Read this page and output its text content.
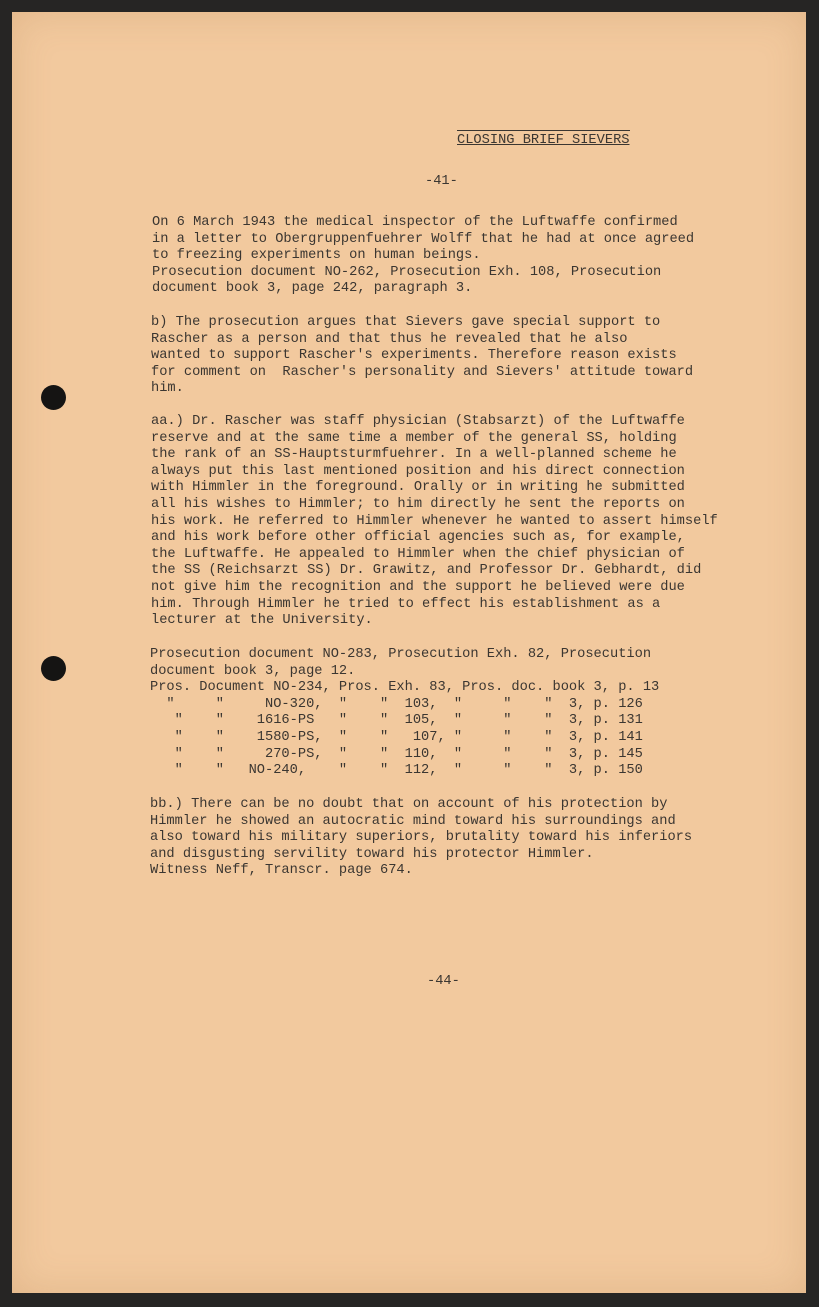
CLOSING BRIEF SIEVERS
-41-
On 6 March 1943 the medical inspector of the Luftwaffe confirmed
in a letter to Obergruppenfuehrer Wolff that he had at once agreed
to freezing experiments on human beings.
Prosecution document NO-262, Prosecution Exh. 108, Prosecution
document book 3, page 242, paragraph 3.
b) The prosecution argues that Sievers gave special support to
Rascher as a person and that thus he revealed that he also
wanted to support Rascher's experiments. Therefore reason exists
for comment on  Rascher's personality and Sievers' attitude toward
him.
aa.) Dr. Rascher was staff physician (Stabsarzt) of the Luftwaffe
reserve and at the same time a member of the general SS, holding
the rank of an SS-Hauptsturmfuehrer. In a well-planned scheme he
always put this last mentioned position and his direct connection
with Himmler in the foreground. Orally or in writing he submitted
all his wishes to Himmler; to him directly he sent the reports on
his work. He referred to Himmler whenever he wanted to assert himself
and his work before other official agencies such as, for example,
the Luftwaffe. He appealed to Himmler when the chief physician of
the SS (Reichsarzt SS) Dr. Grawitz, and Professor Dr. Gebhardt, did
not give him the recognition and the support he believed were due
him. Through Himmler he tried to effect his establishment as a
lecturer at the University.
Prosecution document NO-283, Prosecution Exh. 82, Prosecution
document book 3, page 12.
Pros. Document NO-234, Pros. Exh. 83, Pros. doc. book 3, p. 13
"     "     NO-320,  "    "  103,  "     "    "  3, p. 126
"    "    1616-PS   "    "  105,  "     "    "  3, p. 131
"    "    1580-PS,  "    "   107, "     "    "  3, p. 141
"    "     270-PS,  "    "  110,  "     "    "  3, p. 145
"    "   NO-240,    "    "  112,  "     "    "  3, p. 150
bb.) There can be no doubt that on account of his protection by
Himmler he showed an autocratic mind toward his surroundings and
also toward his military superiors, brutality toward his inferiors
and disgusting servility toward his protector Himmler.
Witness Neff, Transcr. page 674.
-44-
